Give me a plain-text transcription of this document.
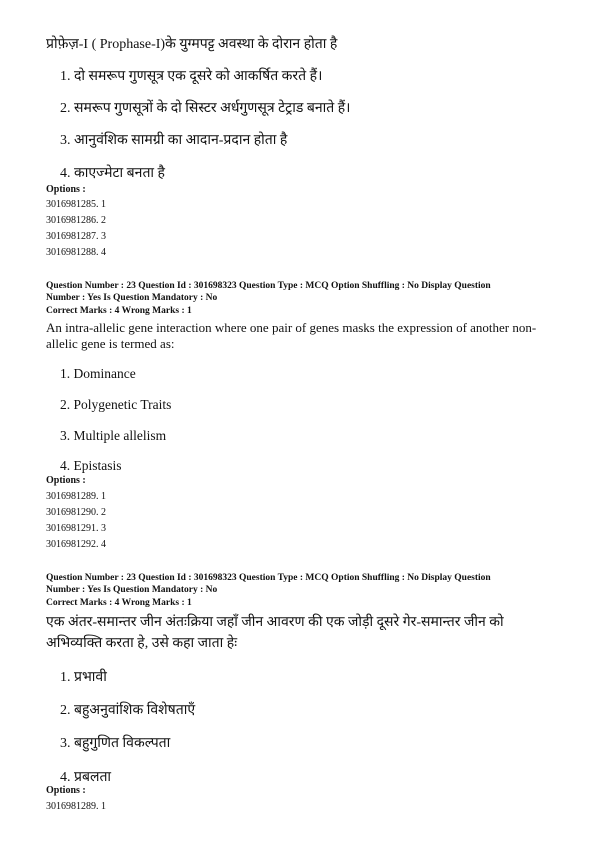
प्रोफ़ेज़-I ( Prophase-I)के युग्मपट्ट अवस्था के दोरान होता है
1. दो समरूप गुणसूत्र एक दूसरे को आकर्षित करते हैं।
2. समरूप गुणसूत्रों के दो सिस्टर अर्धगुणसूत्र टेट्राड बनाते हैं।
3. आनुवंशिक सामग्री का आदान-प्रदान होता है
4. काएज्मेटा बनता है
Options :
3016981285. 1
3016981286. 2
3016981287. 3
3016981288. 4
Question Number : 23 Question Id : 301698323 Question Type : MCQ Option Shuffling : No Display Question
Number : Yes Is Question Mandatory : No
Correct Marks : 4 Wrong Marks : 1
An intra-allelic gene interaction where one pair of genes masks the expression of another non-
allelic gene is termed as:
1. Dominance
2. Polygenetic Traits
3. Multiple allelism
4. Epistasis
Options :
3016981289. 1
3016981290. 2
3016981291. 3
3016981292. 4
Question Number : 23 Question Id : 301698323 Question Type : MCQ Option Shuffling : No Display Question
Number : Yes Is Question Mandatory : No
Correct Marks : 4 Wrong Marks : 1
एक अंतर-समान्तर जीन अंतःक्रिया जहाँ जीन आवरण की एक जोड़ी दूसरे गेर-समान्तर जीन को
अभिव्यक्ति करता हे, उसे कहा जाता हेः
1. प्रभावी
2. बहुअनुवांशिक विशेषताएँ
3. बहुगुणित विकल्पता
4. प्रबलता
Options :
3016981289. 1
